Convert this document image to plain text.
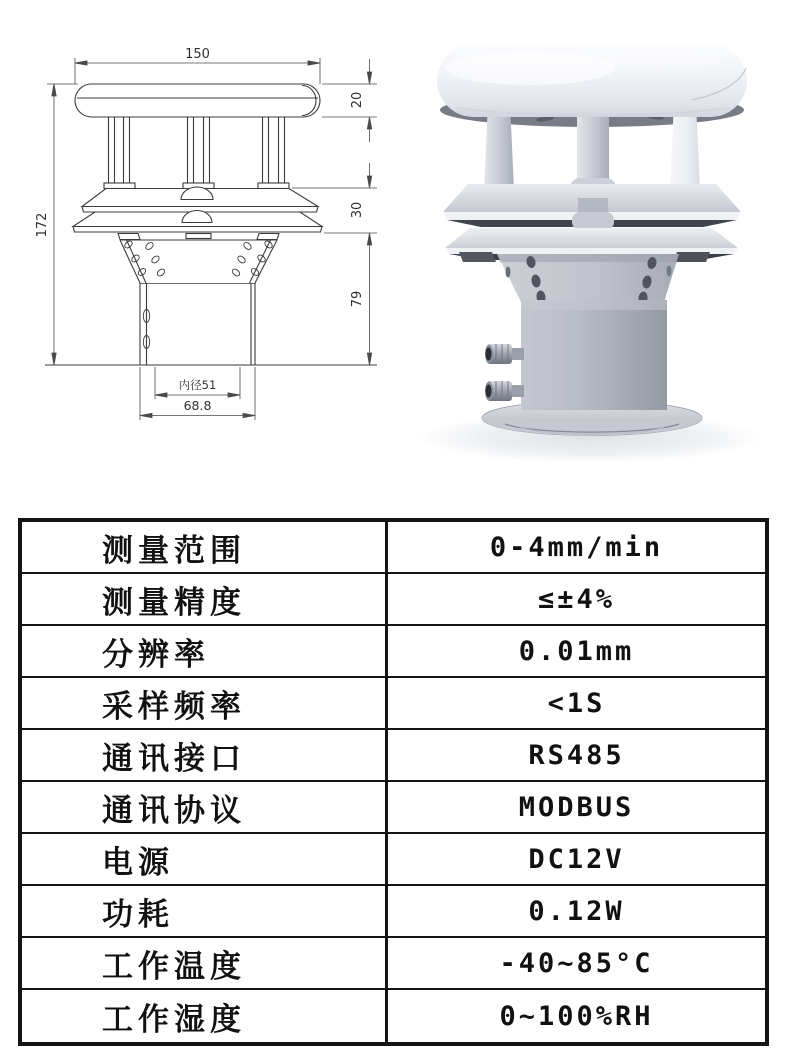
150
172
20
30
79
内径51
68.8
测量范围	0-4mm/min
测量精度	≤±4%
分辨率	0.01mm
采样频率	<1S
通讯接口	RS485
通讯协议	MODBUS
电源	DC12V
功耗	0.12W
工作温度	-40~85°C
工作湿度	0~100%RH
